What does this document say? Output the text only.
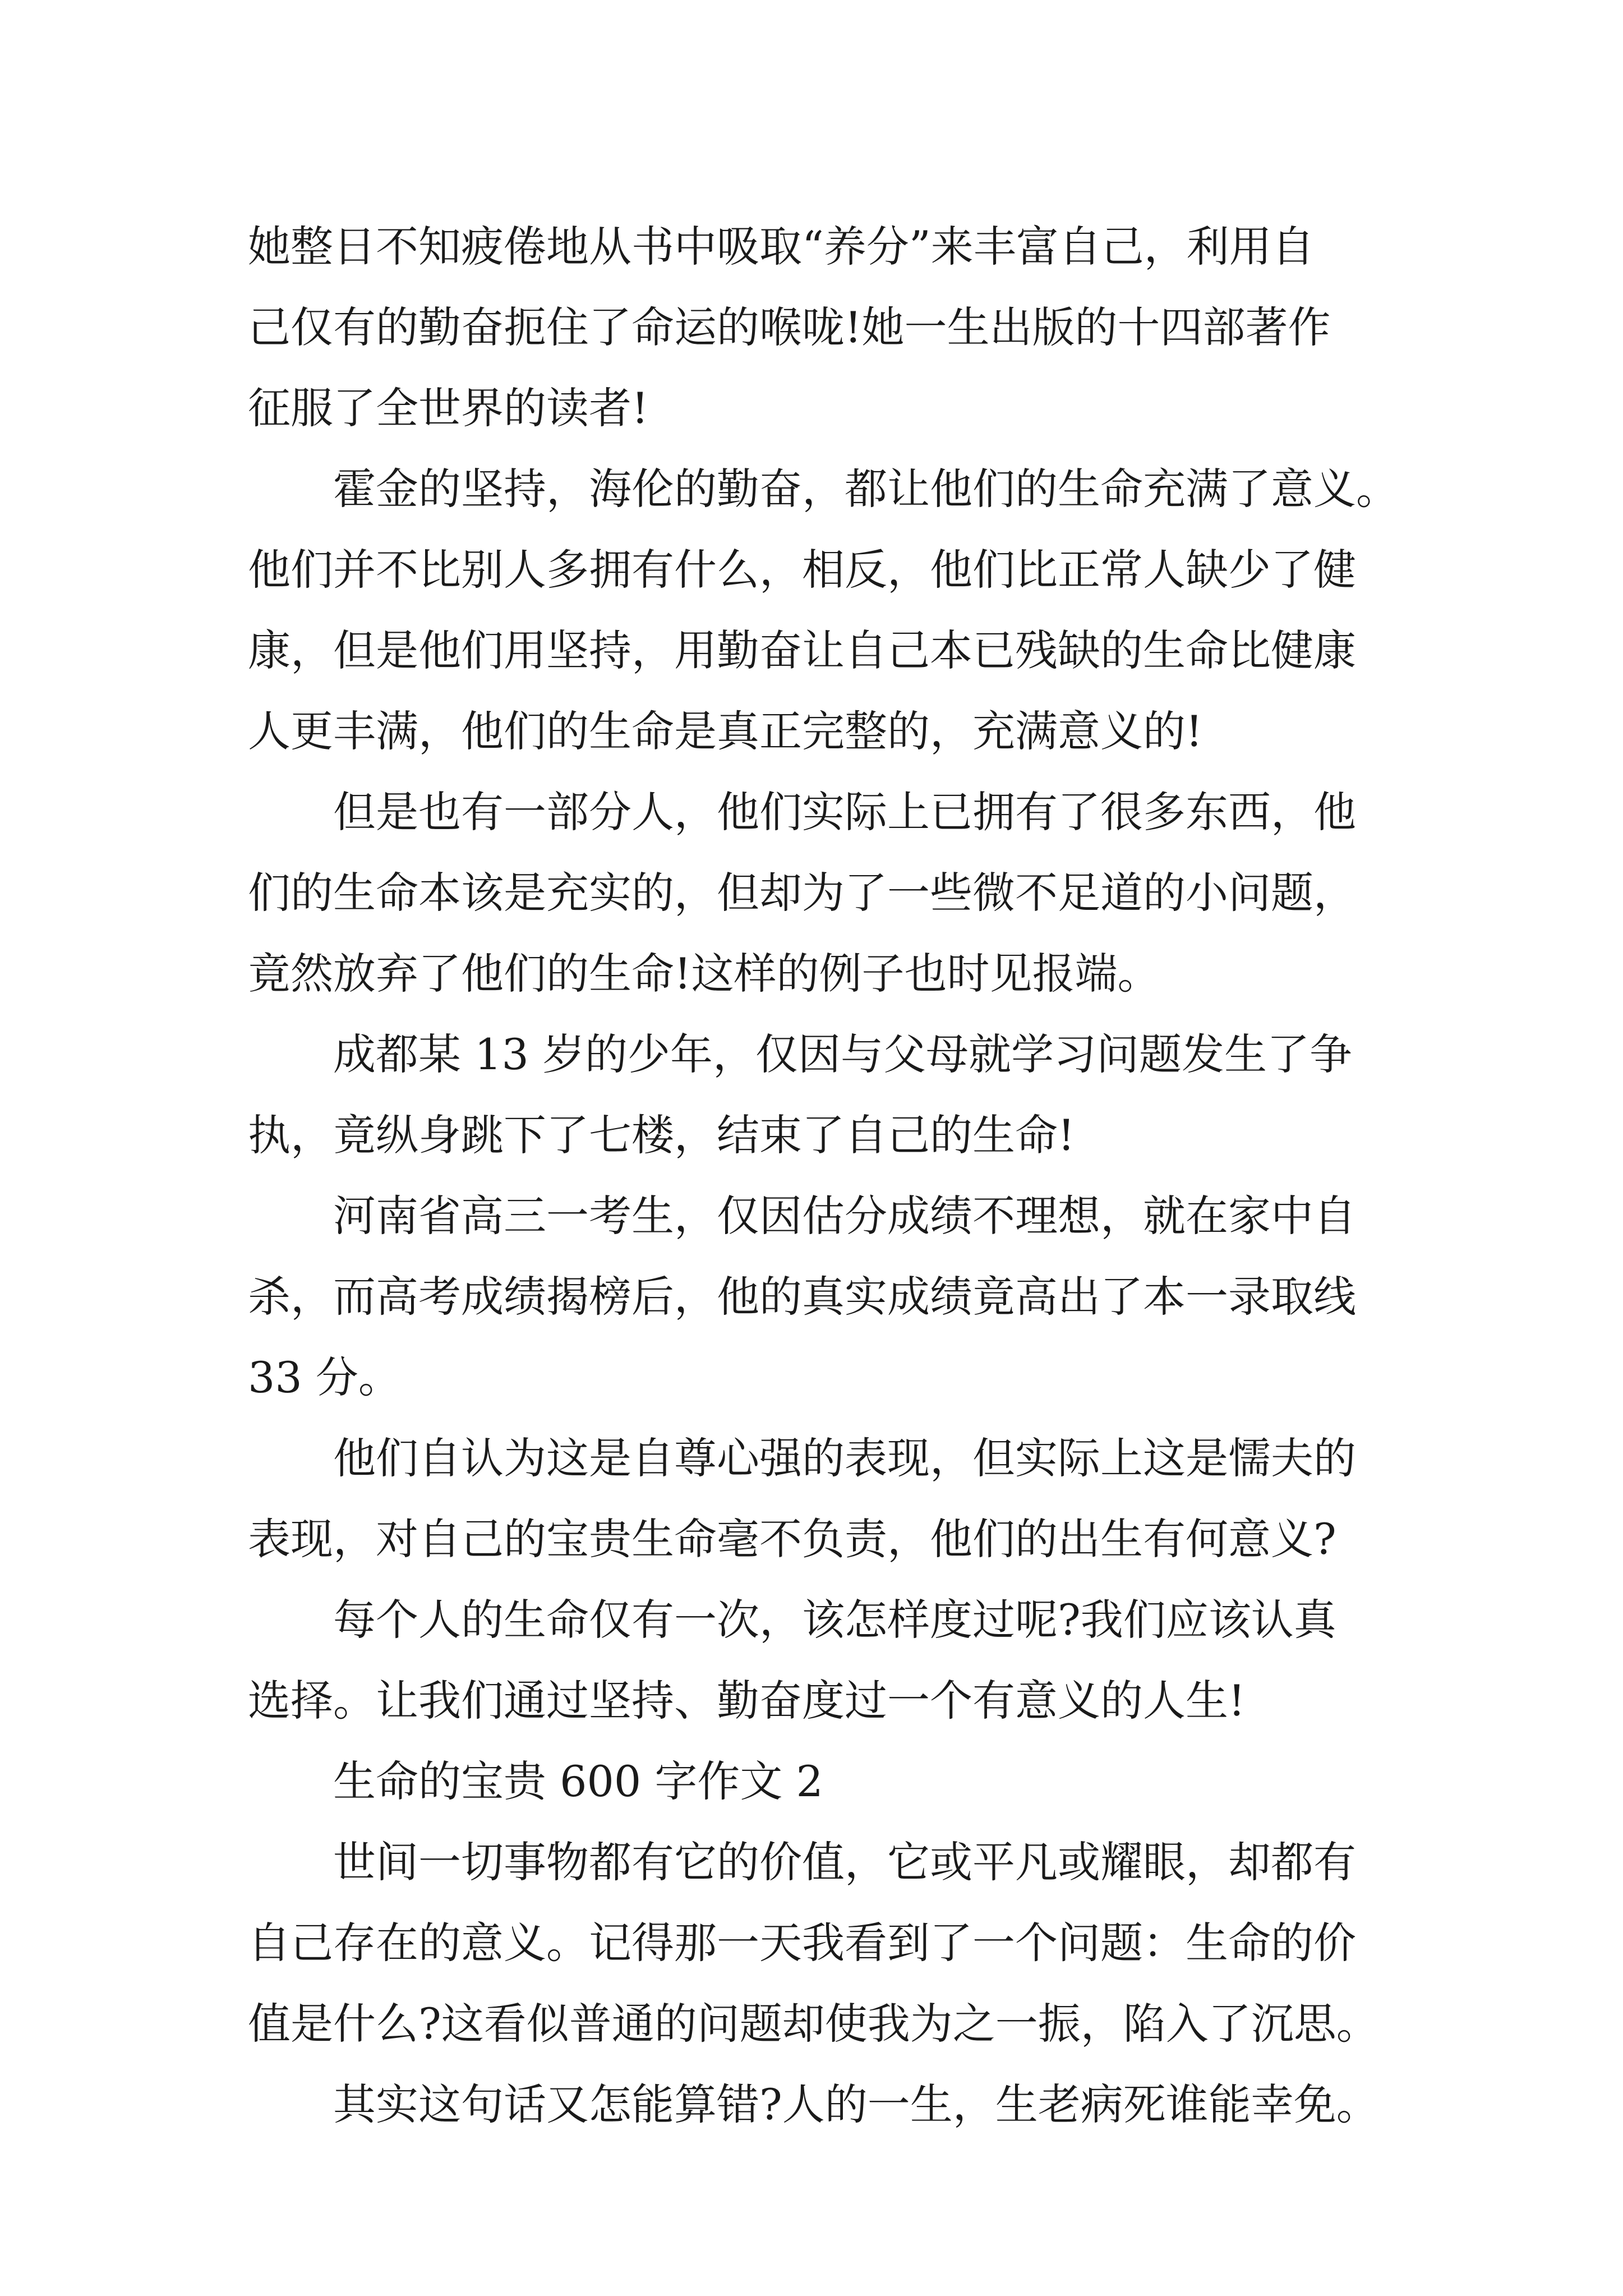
她整日不知疲倦地从书中吸取“养分”来丰富自己，利用自
己仅有的勤奋扼住了命运的喉咙!她一生出版的十四部著作
征服了全世界的读者!
霍金的坚持，海伦的勤奋，都让他们的生命充满了意义。
他们并不比别人多拥有什么，相反，他们比正常人缺少了健
康，但是他们用坚持，用勤奋让自己本已残缺的生命比健康
人更丰满，他们的生命是真正完整的，充满意义的!
但是也有一部分人，他们实际上已拥有了很多东西，他
们的生命本该是充实的，但却为了一些微不足道的小问题，
竟然放弃了他们的生命!这样的例子也时见报端。
成都某 13 岁的少年，仅因与父母就学习问题发生了争
执，竟纵身跳下了七楼，结束了自己的生命!
河南省高三一考生，仅因估分成绩不理想，就在家中自
杀，而高考成绩揭榜后，他的真实成绩竟高出了本一录取线
33 分。
他们自认为这是自尊心强的表现，但实际上这是懦夫的
表现，对自己的宝贵生命毫不负责，他们的出生有何意义?
每个人的生命仅有一次，该怎样度过呢?我们应该认真
选择。让我们通过坚持、勤奋度过一个有意义的人生!
生命的宝贵 600 字作文 2
世间一切事物都有它的价值，它或平凡或耀眼，却都有
自己存在的意义。记得那一天我看到了一个问题：生命的价
值是什么?这看似普通的问题却使我为之一振，陷入了沉思。
其实这句话又怎能算错?人的一生，生老病死谁能幸免。
